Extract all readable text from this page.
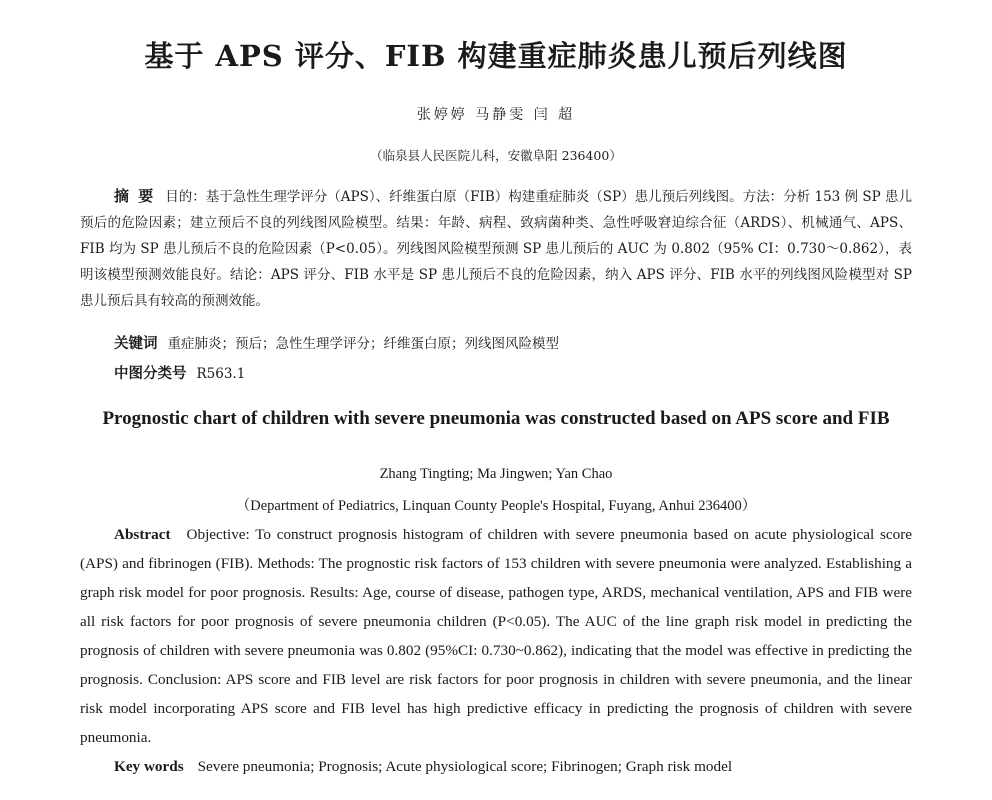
基于 APS 评分、FIB 构建重症肺炎患儿预后列线图
张婷婷 马静雯 闫 超
（临泉县人民医院儿科，安徽阜阳 236400）

摘 要 目的：基于急性生理学评分（APS）、纤维蛋白原（FIB）构建重症肺炎（SP）患儿预后列线图。方法：分析 153 例 SP 患儿预后的危险因素；建立预后不良的列线图风险模型。结果：年龄、病程、致病菌种类、急性呼吸窘迫综合征（ARDS）、机械通气、APS、FIB 均为 SP 患儿预后不良的危险因素（P<0.05）。列线图风险模型预测 SP 患儿预后的 AUC 为 0.802（95% CI：0.730～0.862），表明该模型预测效能良好。结论：APS 评分、FIB 水平是 SP 患儿预后不良的危险因素，纳入 APS 评分、FIB 水平的列线图风险模型对 SP 患儿预后具有较高的预测效能。

关键词 重症肺炎；预后；急性生理学评分；纤维蛋白原；列线图风险模型
中图分类号 R563.1
Prognostic chart of children with severe pneumonia was constructed based on APS score and FIB
Zhang Tingting; Ma Jingwen; Yan Chao
（Department of Pediatrics, Linquan County People's Hospital, Fuyang, Anhui 236400）

Abstract Objective: To construct prognosis histogram of children with severe pneumonia based on acute physiological score (APS) and fibrinogen (FIB). Methods: The prognostic risk factors of 153 children with severe pneumonia were analyzed. Establishing a graph risk model for poor prognosis. Results: Age, course of disease, pathogen type, ARDS, mechanical ventilation, APS and FIB were all risk factors for poor prognosis of severe pneumonia children (P<0.05). The AUC of the line graph risk model in predicting the prognosis of children with severe pneumonia was 0.802 (95%CI: 0.730~0.862), indicating that the model was effective in predicting the prognosis. Conclusion: APS score and FIB level are risk factors for poor prognosis in children with severe pneumonia, and the linear risk model incorporating APS score and FIB level has high predictive efficacy in predicting the prognosis of children with severe pneumonia.

Key words Severe pneumonia; Prognosis; Acute physiological score; Fibrinogen; Graph risk model
